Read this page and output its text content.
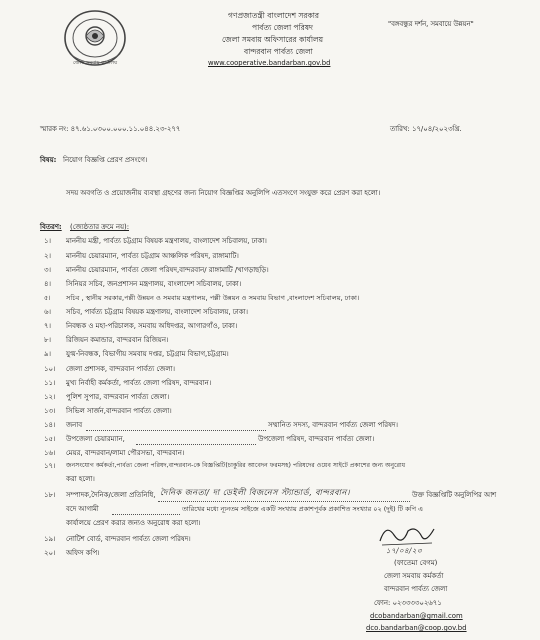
জেলা সমবায় কার্যালয়
গণপ্রজাতন্ত্রী বাংলাদেশ সরকার
পার্বত্য জেলা পরিষদ
জেলা সমবায় অফিসারের কার্যালয়
বান্দরবান পার্বত্য জেলা
www.cooperative.bandarban.gov.bd
"বঙ্গবন্ধুর দর্শন, সমবায়ে উন্নয়ন"
স্মারক নং: ৪৭.৬১.০৩০০.০০০.১১.০৪৪.২৩-২৭৭	তারিখ: ১৭/০৪/২০২৩খ্রি.
বিষয়: নিয়োগ বিজ্ঞপ্তি প্রেরণ প্রসংগে।
সদয় অবগতি ও প্রয়োজনীয় ব্যবস্থা গ্রহণের জন্য নিয়োগ বিজ্ঞপ্তির অনুলিপি এতসংগে সংযুক্ত করে প্রেরণ করা হলো।
বিতরণ: (জ্যেষ্ঠতার ক্রমে নয়):
১। মাননীয় মন্ত্রী, পার্বত্য চট্টগ্রাম বিষয়ক মন্ত্রণালয়, বাংলাদেশ সচিবালয়, ঢাকা।
২। মাননীয় চেয়ারম্যান, পার্বত্য চট্টগ্রাম আঞ্চলিক পরিষদ, রাঙ্গামাটি।
৩। মাননীয় চেয়ারম্যান, পার্বত্য জেলা পরিষদ,বান্দরবান/ রাঙ্গামাটি /খাগড়াছড়ি।
৪। সিনিয়র সচিব, জনপ্রশাসন মন্ত্রণালয়, বাংলাদেশ সচিবালয়, ঢাকা।
৫। সচিব , স্থানীয় সরকার,পল্লী উন্নয়ন ও সমবায় মন্ত্রণালয়, পল্লী উন্নয়ন ও সমবায় বিভাগ ,বাংলাদেশ সচিবালয়, ঢাকা।
৬। সচিব, পার্বত্য চট্টগ্রাম বিষয়ক মন্ত্রণালয়, বাংলাদেশ সচিবালয়, ঢাকা।
৭। নিবন্ধক ও মহা-পরিচালক, সমবায় অধিদপ্তর, আগারগাঁও, ঢাকা।
৮। রিজিয়ন কমান্ডার, বান্দরবান রিজিয়ন।
৯। যুগ্ম-নিবন্ধক, বিভাগীয় সমবায় দপ্তর, চট্টগ্রাম বিভাগ,চট্টগ্রাম।
১০। জেলা প্রশাসক, বান্দরবান পার্বত্য জেলা।
১১। মুখ্য নির্বাহী কর্মকর্তা, পার্বত্য জেলা পরিষদ, বান্দরবান।
১২। পুলিশ সুপার, বান্দরবান পার্বত্য জেলা।
১৩। সিভিল সার্জন,বান্দরবান পার্বত্য জেলা।
১৪। জনাব	সম্মানিত সদস্য, বান্দরবান পার্বত্য জেলা পরিষদ।
১৫। উপজেলা চেয়ারম্যান,	উপজেলা পরিষদ, বান্দরবান পার্বত্য জেলা।
১৬। মেয়র, বান্দরবান/লামা পৌরসভা, বান্দরবান।
১৭। জনসংযোগ কর্মকর্তা,পার্বত্য জেলা পরিষদ,বান্দরবান-কে বিজ্ঞপ্তিটি(চাকুরির আবেদন ফরমসহ) পরিষদের ওয়েব সাইটে প্রকাশের জন্য অনুরোধ
করা হলো।
১৮। সম্পাদক,দৈনিক/জেলা প্রতিনিধি, দৈনিক জনতা/ দা ডেইলী বিজনেস স্ট্যান্ডার্ড, বান্দরবান।	উক্ত বিজ্ঞপ্তিটি অনুলিপির আশ
বদে আগামী	তারিখের মধ্যে ন্যূনতম সাইজে একটি সংখ্যায় প্রকাশপূর্বক প্রকাশিত সংখ্যার ০২ (দুই) টি কপি এ
কার্যালয়ে প্রেরণ করার জন্যও অনুরোধ করা হলো।
১৯। নোটিশ বোর্ড, বান্দরবান পার্বত্য জেলা পরিষদ।
২০। অফিস কপি।	১৭/০৪/২৩
(ফাতেমা বেগম)
জেলা সমবায় কর্মকর্তা
বান্দরবান পার্বত্য জেলা
ফোন: ০২৩৩৩৩০২৬৭১
dcobandarban@gmail.com
dco.bandarban@coop.gov.bd
